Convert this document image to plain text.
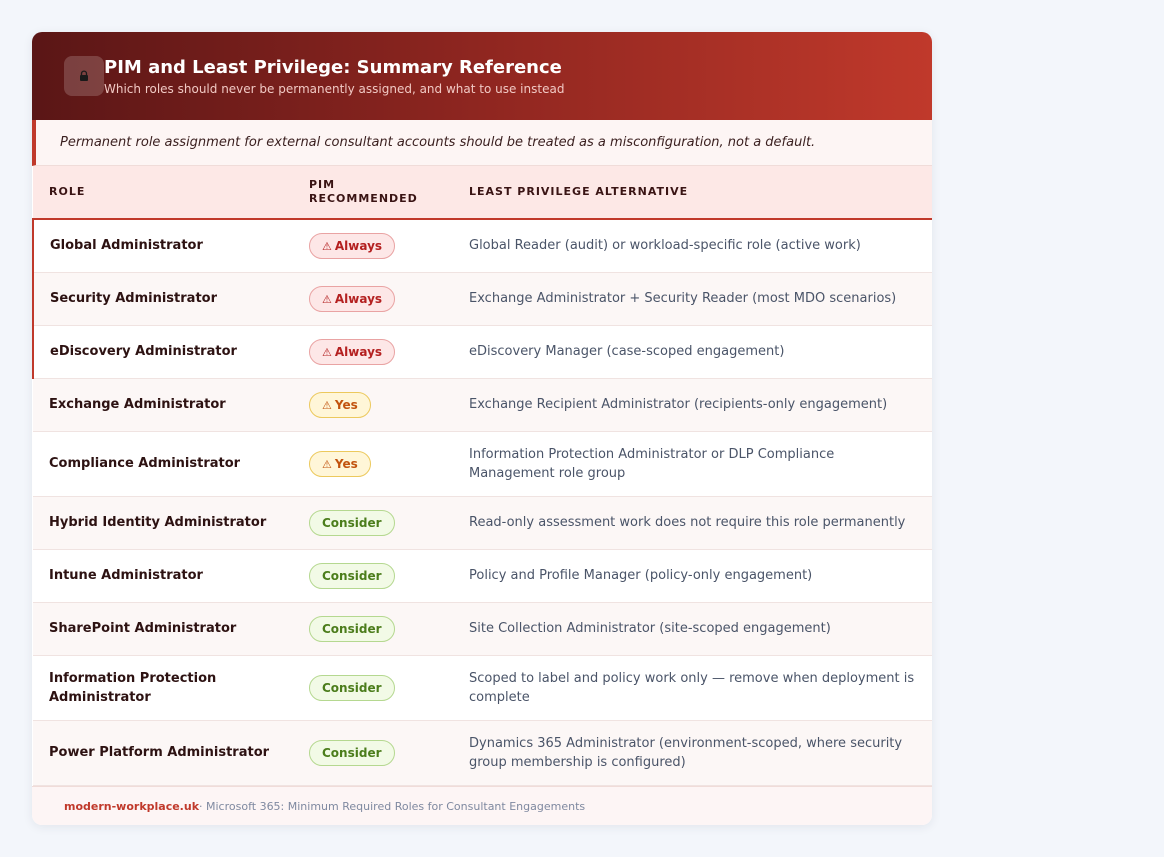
PIM and Least Privilege: Summary Reference
Which roles should never be permanently assigned, and what to use instead
Permanent role assignment for external consultant accounts should be treated as a misconfiguration, not a default.
ROLE	PIM RECOMMENDED	LEAST PRIVILEGE ALTERNATIVE
Global Administrator	⚠ Always	Global Reader (audit) or workload-specific role (active work)
Security Administrator	⚠ Always	Exchange Administrator + Security Reader (most MDO scenarios)
eDiscovery Administrator	⚠ Always	eDiscovery Manager (case-scoped engagement)
Exchange Administrator	⚠ Yes	Exchange Recipient Administrator (recipients-only engagement)
Compliance Administrator	⚠ Yes	Information Protection Administrator or DLP Compliance Management role group
Hybrid Identity Administrator	Consider	Read-only assessment work does not require this role permanently
Intune Administrator	Consider	Policy and Profile Manager (policy-only engagement)
SharePoint Administrator	Consider	Site Collection Administrator (site-scoped engagement)
Information Protection Administrator	Consider	Scoped to label and policy work only — remove when deployment is complete
Power Platform Administrator	Consider	Dynamics 365 Administrator (environment-scoped, where security group membership is configured)
modern-workplace.uk · Microsoft 365: Minimum Required Roles for Consultant Engagements
